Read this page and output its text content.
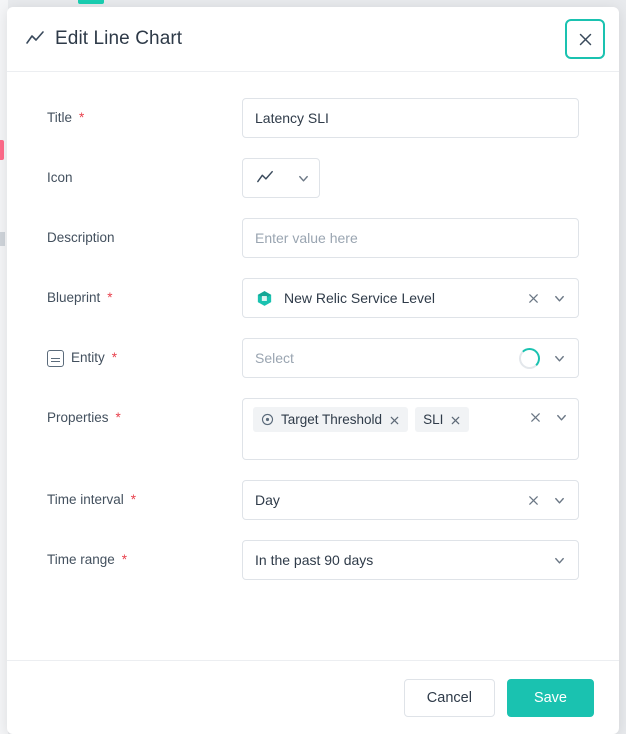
Edit Line Chart
Title *	Latency SLI
Icon
Description	Enter value here
Blueprint *	New Relic Service Level
Entity *	Select
Properties *	Target Threshold	SLI
Time interval *	Day
Time range *	In the past 90 days
Cancel	Save
